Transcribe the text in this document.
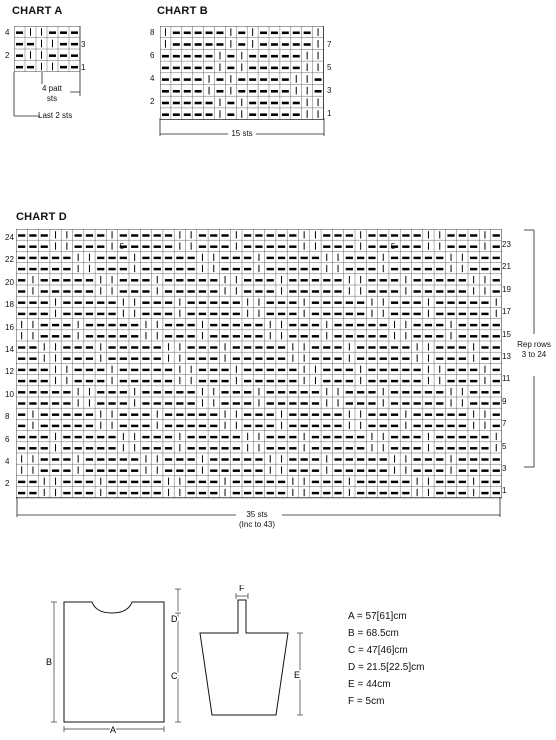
CHART A
4
2
3
1
4 patt
sts
Last 2 sts
CHART B
8
6
4
2
7
5
3
1
15 sts
CHART D
5	5
24
22
20
18
16
14
12
10
8
6
4
2
23
21
19
17
15
13
11
9
7
5
3
1
35 sts
(Inc to 43)
Rep rows
3 to 24
B
C
D
A
F
E
A = 57[61]cm
B = 68.5cm
C = 47[46]cm
D = 21.5[22.5]cm
E = 44cm
F = 5cm
